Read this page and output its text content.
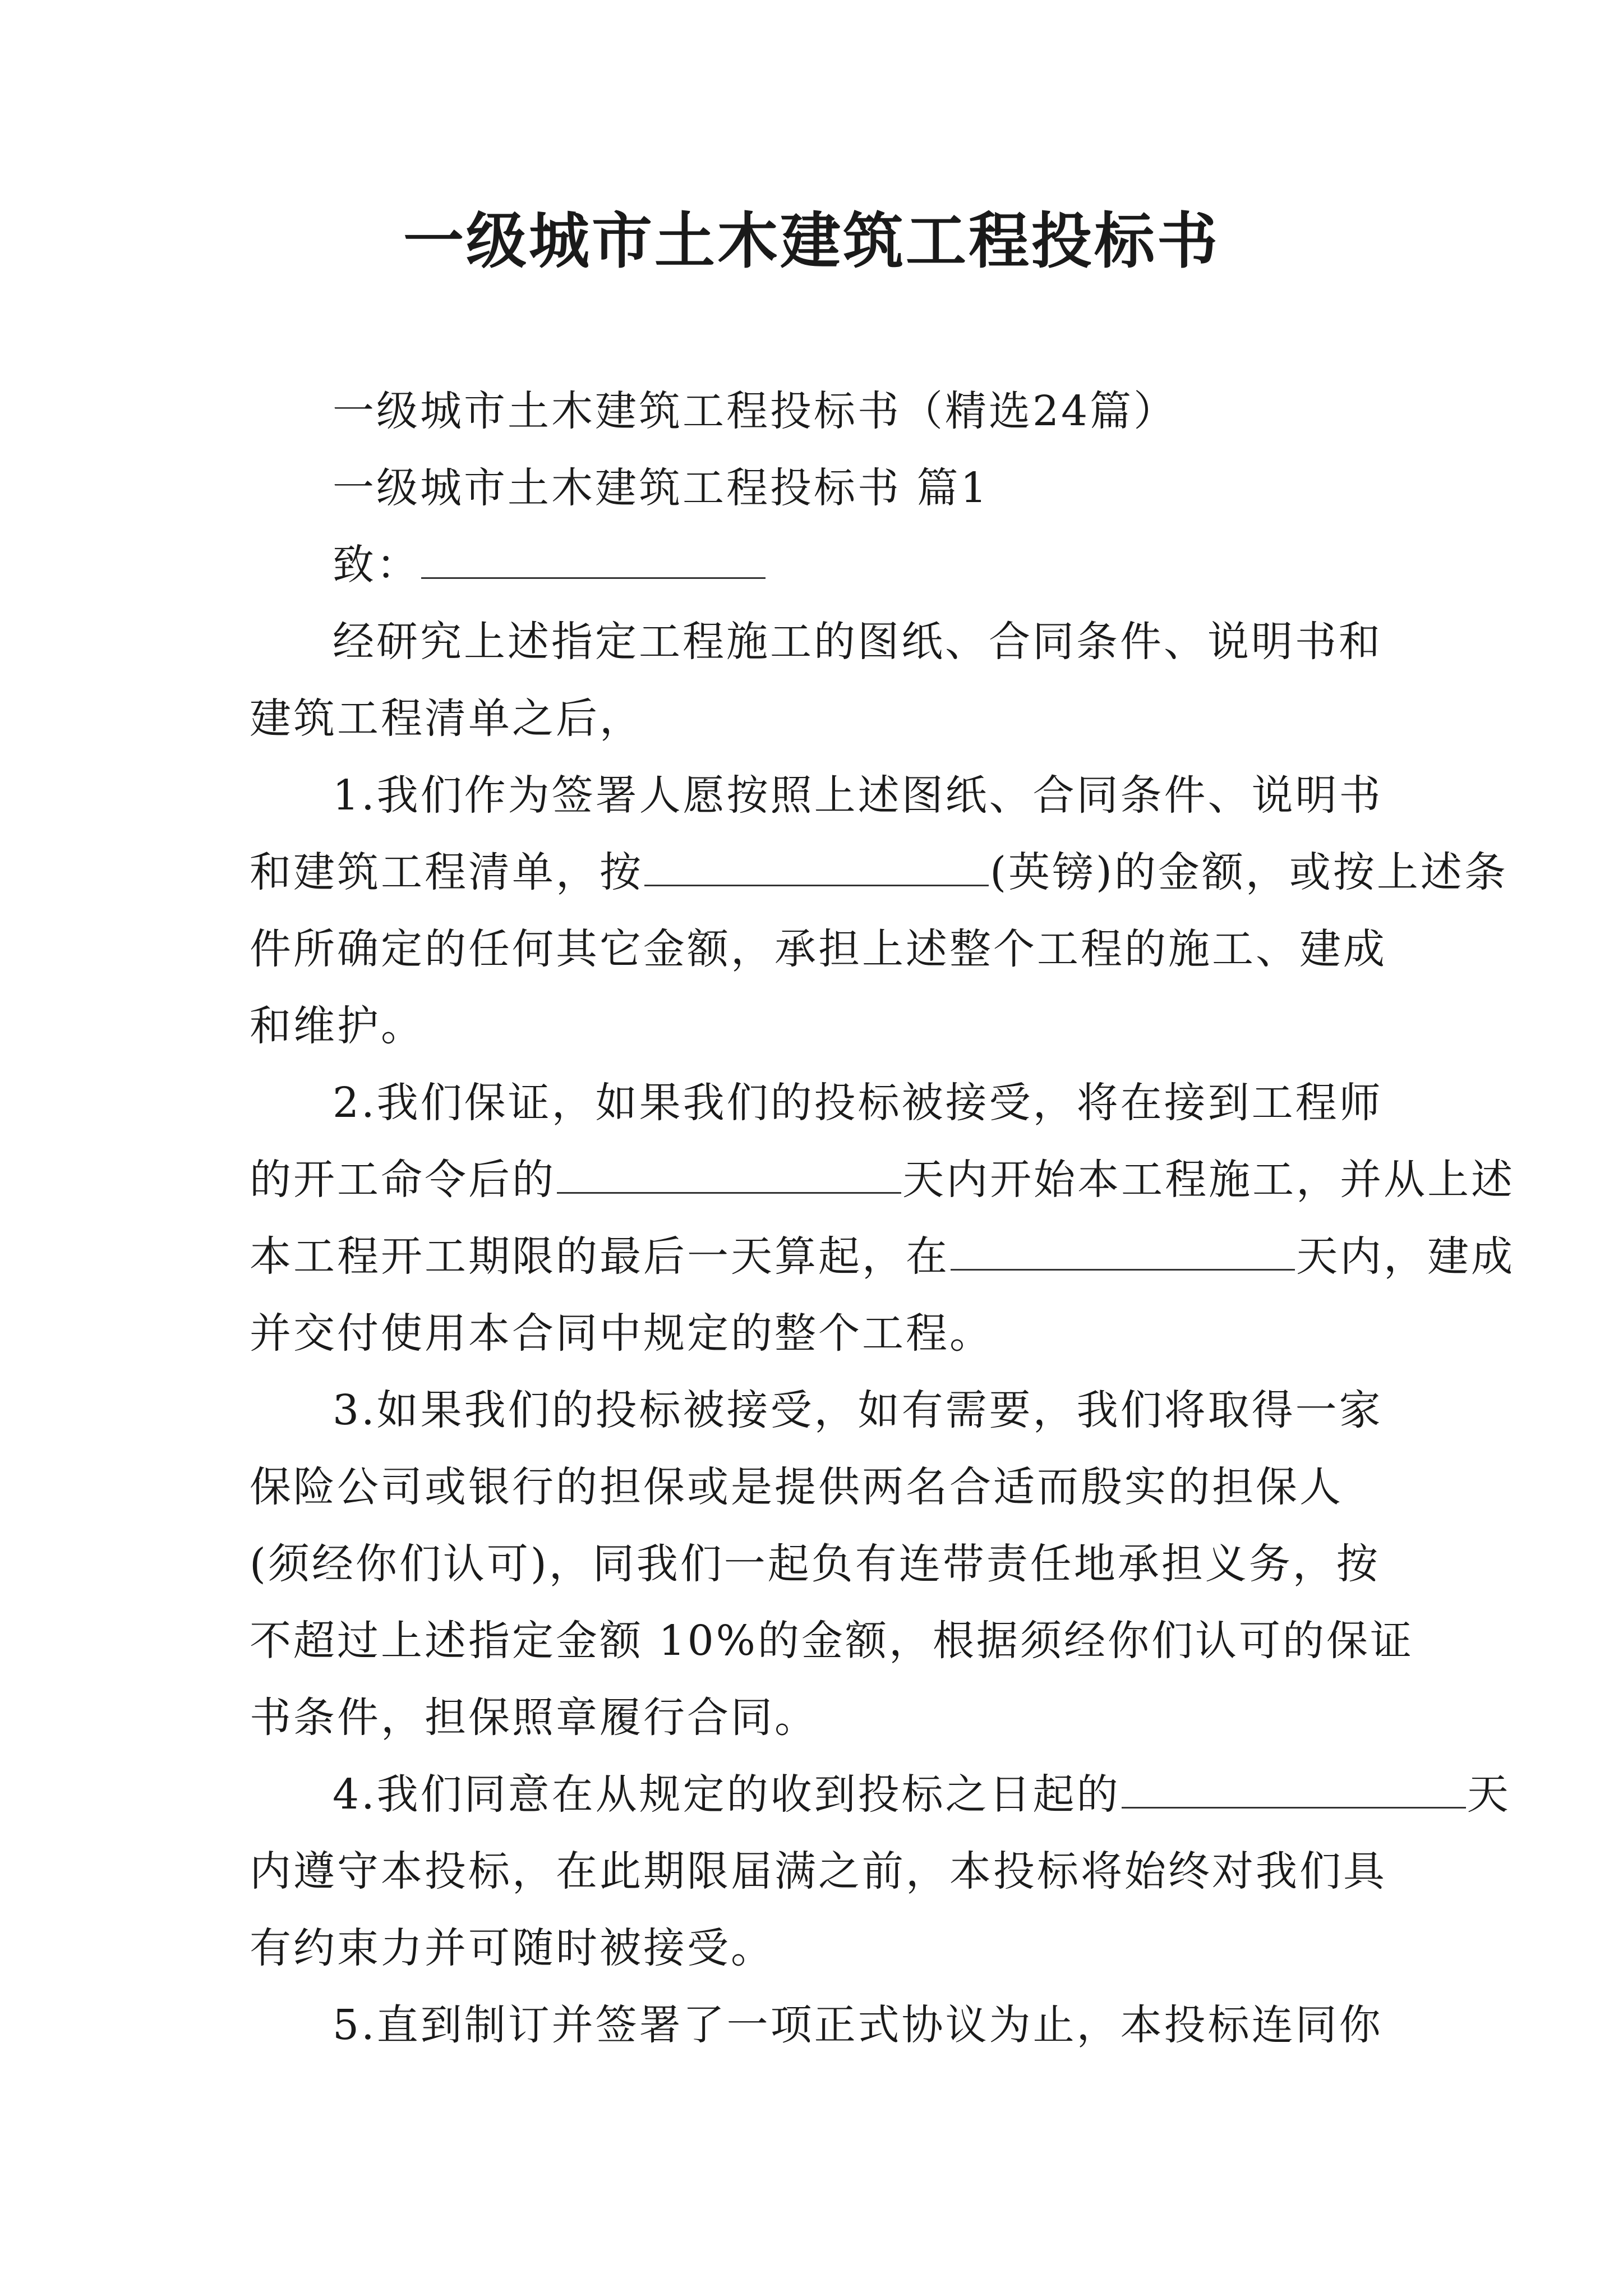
一级城市土木建筑工程投标书
一级城市土木建筑工程投标书（精选24篇）
一级城市土木建筑工程投标书 篇1
致：
经研究上述指定工程施工的图纸、合同条件、说明书和
建筑工程清单之后，
1.我们作为签署人愿按照上述图纸、合同条件、说明书
和建筑工程清单，按	(英镑)的金额，或按上述条
件所确定的任何其它金额，承担上述整个工程的施工、建成
和维护。
2.我们保证，如果我们的投标被接受，将在接到工程师
的开工命令后的	天内开始本工程施工，并从上述
本工程开工期限的最后一天算起，在	天内，建成
并交付使用本合同中规定的整个工程。
3.如果我们的投标被接受，如有需要，我们将取得一家
保险公司或银行的担保或是提供两名合适而殷实的担保人
(须经你们认可)，同我们一起负有连带责任地承担义务，按
不超过上述指定金额 10%的金额，根据须经你们认可的保证
书条件，担保照章履行合同。
4.我们同意在从规定的收到投标之日起的	天
内遵守本投标，在此期限届满之前，本投标将始终对我们具
有约束力并可随时被接受。
5.直到制订并签署了一项正式协议为止，本投标连同你
